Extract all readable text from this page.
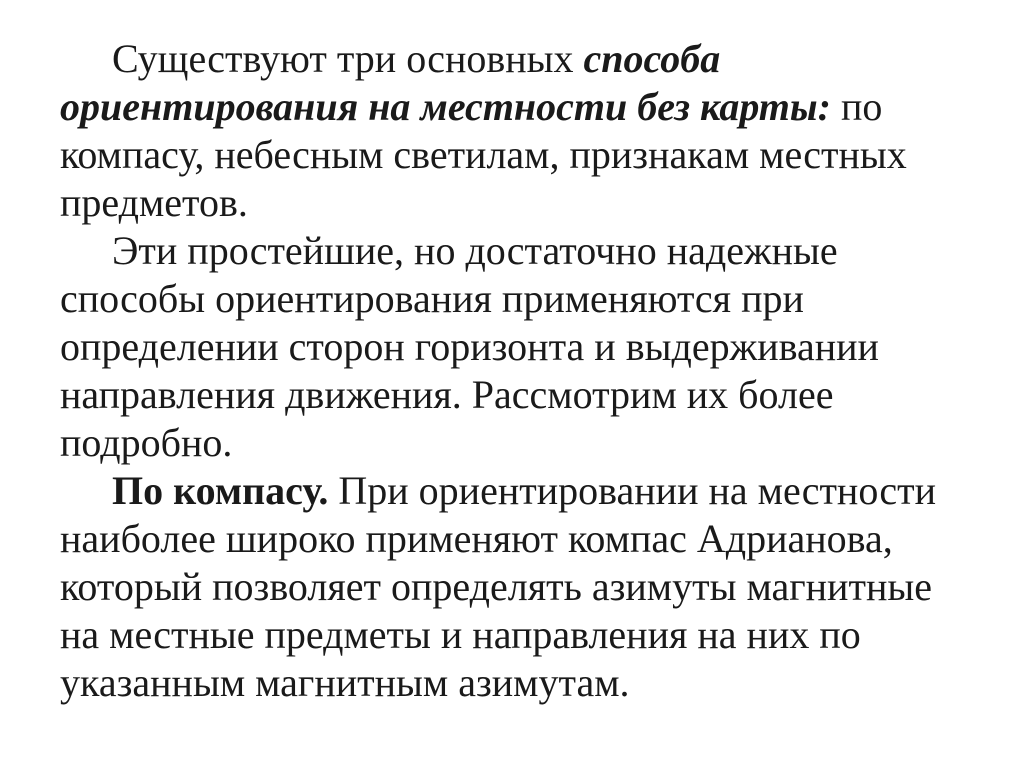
Существуют три основных способа ориентирования на местности без карты: по компасу, небесным светилам, признакам местных предметов.

Эти простейшие, но достаточно надежные способы ориентирования применяются при определении сторон горизонта и выдерживании направления движения. Рассмотрим их более подробно.

По компасу. При ориентировании на местности наиболее широко применяют компас Адрианова, который позволяет определять азимуты магнитные на местные предметы и направления на них по указанным магнитным азимутам.
